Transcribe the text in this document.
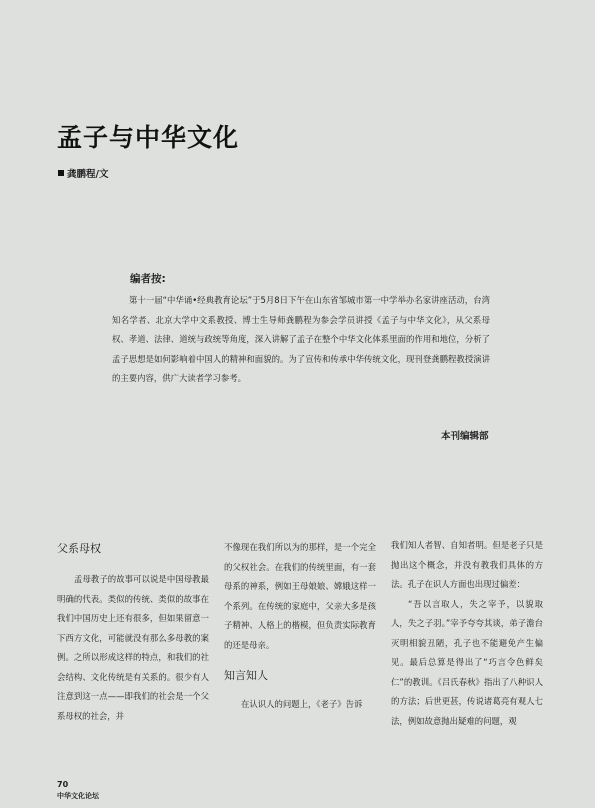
孟子与中华文化
龚鹏程/文
编者按:

第十一届“中华诵•经典教育论坛”于5月8日下午在山东省邹城市第一中学举办名家讲座活动，台湾知名学者、北京大学中文系教授、博士生导师龚鹏程为参会学员讲授《孟子与中华文化》，从父系母权、孝道、法律、道统与政统等角度，深入讲解了孟子在整个中华文化体系里面的作用和地位，分析了孟子思想是如何影响着中国人的精神和面貌的。为了宣传和传承中华传统文化，现刊登龚鹏程教授演讲的主要内容，供广大读者学习参考。

本刊编辑部
父系母权

孟母教子的故事可以说是中国母教最明确的代表。类似的传统、类似的故事在我们中国历史上还有很多，但如果留意一下西方文化，可能就没有那么多母教的案例。之所以形成这样的特点，和我们的社会结构、文化传统是有关系的。很少有人注意到这一点——即我们的社会是一个父系母权的社会，并

不像现在我们所以为的那样，是一个完全的父权社会。在我们的传统里面，有一套母系的神系，例如王母娘娘、嫦娥这样一个系列。在传统的家庭中，父亲大多是孩子精神、人格上的楷模，但负责实际教育的还是母亲。

知言知人

在认识人的问题上，《老子》告诉

我们知人者智、自知者明。但是老子只是抛出这个概念，并没有教我们具体的方法。孔子在识人方面也出现过偏差：

“吾以言取人，失之宰予，以貌取人，失之子羽。”宰予夸夸其谈，弟子澹台灭明相貌丑陋，孔子也不能避免产生偏见。最后总算是得出了“巧言令色鲜矣仁”的教训。《吕氏春秋》指出了八种识人的方法；后世更甚，传说诸葛亮有观人七法，例如故意抛出疑难的问题，观

70
中华文化论坛
